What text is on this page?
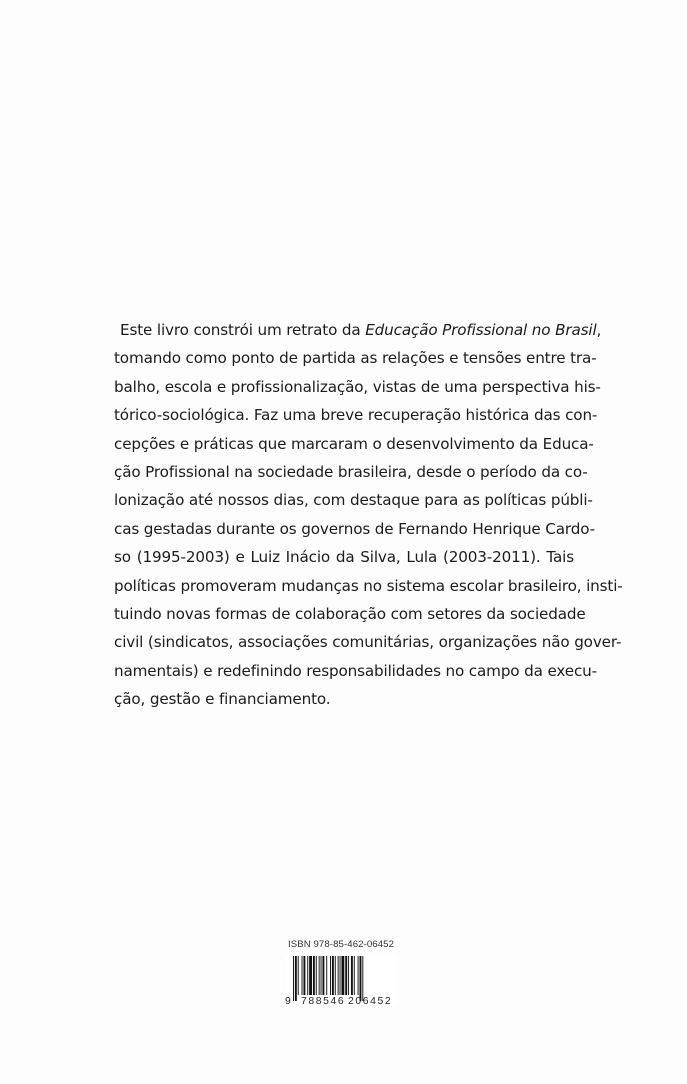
Este livro constrói um retrato da Educação Profissional no Brasil,
tomando como ponto de partida as relações e tensões entre tra-
balho, escola e profissionalização, vistas de uma perspectiva his-
tórico-sociológica. Faz uma breve recuperação histórica das con-
cepções e práticas que marcaram o desenvolvimento da Educa-
ção Profissional na sociedade brasileira, desde o período da co-
lonização até nossos dias, com destaque para as políticas públi-
cas gestadas durante os governos de Fernando Henrique Cardo-
so (1995-2003) e Luiz Inácio da Silva, Lula (2003-2011). Tais
políticas promoveram mudanças no sistema escolar brasileiro, insti-
tuindo novas formas de colaboração com setores da sociedade
civil (sindicatos, associações comunitárias, organizações não gover-
namentais) e redefinindo responsabilidades no campo da execu-
ção, gestão e financiamento.
ISBN 978-85-462-06452
9 788546 206452
